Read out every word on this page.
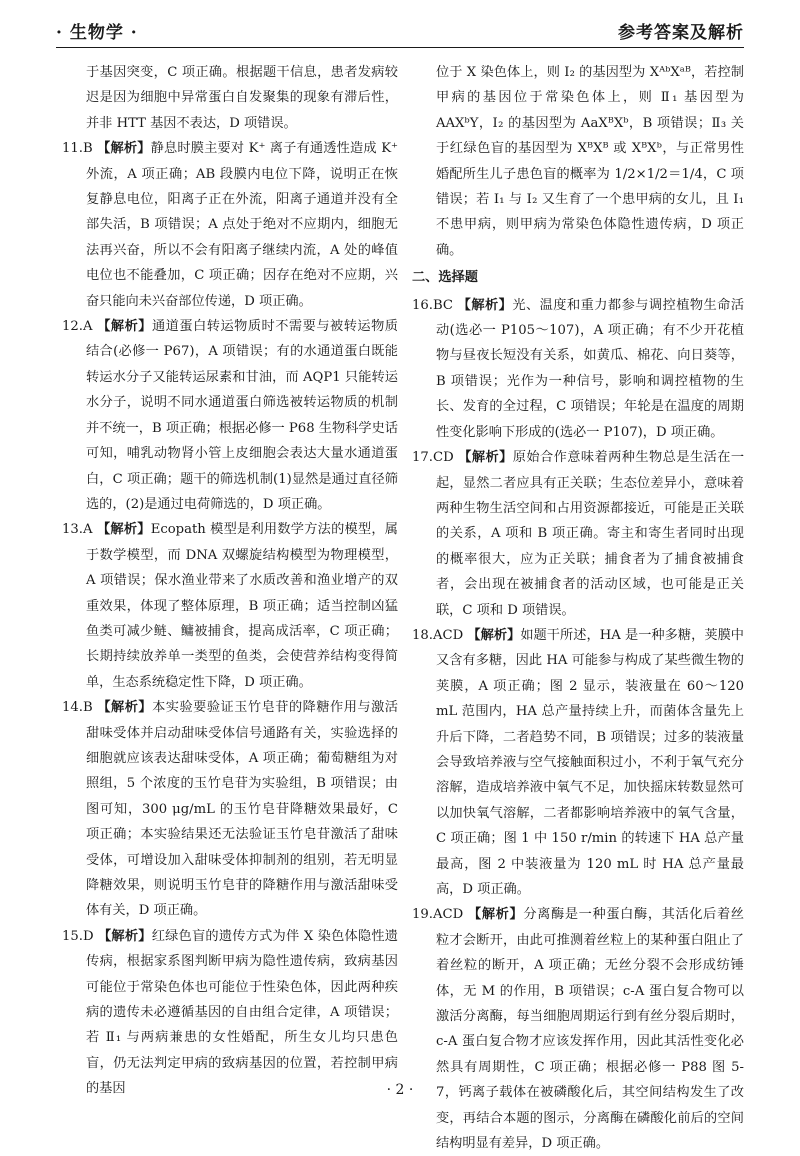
· 生物学 ·	参考答案及解析

于基因突变，C 项正确。根据题干信息，患者发病较迟是因为细胞中异常蛋白自发聚集的现象有滞后性，并非 HTT 基因不表达，D 项错误。

11.B 【解析】静息时膜主要对 K⁺ 离子有通透性造成 K⁺ 外流，A 项正确；AB 段膜内电位下降，说明正在恢复静息电位，阳离子正在外流，阳离子通道并没有全部失活，B 项错误；A 点处于绝对不应期内，细胞无法再兴奋，所以不会有阳离子继续内流，A 处的峰值电位也不能叠加，C 项正确；因存在绝对不应期，兴奋只能向未兴奋部位传递，D 项正确。

12.A 【解析】通道蛋白转运物质时不需要与被转运物质结合(必修一 P67)，A 项错误；有的水通道蛋白既能转运水分子又能转运尿素和甘油，而 AQP1 只能转运水分子，说明不同水通道蛋白筛选被转运物质的机制并不统一，B 项正确；根据必修一 P68 生物科学史话可知，哺乳动物肾小管上皮细胞会表达大量水通道蛋白，C 项正确；题干的筛选机制(1)显然是通过直径筛选的，(2)是通过电荷筛选的，D 项正确。

13.A 【解析】Ecopath 模型是利用数学方法的模型，属于数学模型，而 DNA 双螺旋结构模型为物理模型，A 项错误；保水渔业带来了水质改善和渔业增产的双重效果，体现了整体原理，B 项正确；适当控制凶猛鱼类可减少鲢、鳙被捕食，提高成活率，C 项正确；长期持续放养单一类型的鱼类，会使营养结构变得简单，生态系统稳定性下降，D 项正确。

14.B 【解析】本实验要验证玉竹皂苷的降糖作用与激活甜味受体并启动甜味受体信号通路有关，实验选择的细胞就应该表达甜味受体，A 项正确；葡萄糖组为对照组，5 个浓度的玉竹皂苷为实验组，B 项错误；由图可知，300 μg/mL 的玉竹皂苷降糖效果最好，C 项正确；本实验结果还无法验证玉竹皂苷激活了甜味受体，可增设加入甜味受体抑制剂的组别，若无明显降糖效果，则说明玉竹皂苷的降糖作用与激活甜味受体有关，D 项正确。

15.D 【解析】红绿色盲的遗传方式为伴 X 染色体隐性遗传病，根据家系图判断甲病为隐性遗传病，致病基因可能位于常染色体也可能位于性染色体，因此两种疾病的遗传未必遵循基因的自由组合定律，A 项错误；若 Ⅱ₁ 与两病兼患的女性婚配，所生女儿均只患色盲，仍无法判定甲病的致病基因的位置，若控制甲病的基因

位于 X 染色体上，则 Ⅰ₂ 的基因型为 XᴬᵇXᵃᴮ，若控制甲病的基因位于常染色体上，则 Ⅱ₁ 基因型为 AAXᵇY，Ⅰ₂ 的基因型为 AaXᴮXᵇ，B 项错误；Ⅱ₃ 关于红绿色盲的基因型为 XᴮXᴮ 或 XᴮXᵇ，与正常男性婚配所生儿子患色盲的概率为 1/2×1/2＝1/4，C 项错误；若 Ⅰ₁ 与 Ⅰ₂ 又生育了一个患甲病的女儿，且 Ⅰ₁ 不患甲病，则甲病为常染色体隐性遗传病，D 项正确。

二、选择题

16.BC 【解析】光、温度和重力都参与调控植物生命活动(选必一 P105～107)，A 项正确；有不少开花植物与昼夜长短没有关系，如黄瓜、棉花、向日葵等，B 项错误；光作为一种信号，影响和调控植物的生长、发育的全过程，C 项错误；年轮是在温度的周期性变化影响下形成的(选必一 P107)，D 项正确。

17.CD 【解析】原始合作意味着两种生物总是生活在一起，显然二者应具有正关联；生态位差异小，意味着两种生物生活空间和占用资源都接近，可能是正关联的关系，A 项和 B 项正确。寄主和寄生者同时出现的概率很大，应为正关联；捕食者为了捕食被捕食者，会出现在被捕食者的活动区域，也可能是正关联，C 项和 D 项错误。

18.ACD 【解析】如题干所述，HA 是一种多糖，荚膜中又含有多糖，因此 HA 可能参与构成了某些微生物的荚膜，A 项正确；图 2 显示，装液量在 60～120 mL 范围内，HA 总产量持续上升，而菌体含量先上升后下降，二者趋势不同，B 项错误；过多的装液量会导致培养液与空气接触面积过小，不利于氧气充分溶解，造成培养液中氧气不足，加快摇床转数显然可以加快氧气溶解，二者都影响培养液中的氧气含量，C 项正确；图 1 中 150 r/min 的转速下 HA 总产量最高，图 2 中装液量为 120 mL 时 HA 总产量最高，D 项正确。

19.ACD 【解析】分离酶是一种蛋白酶，其活化后着丝粒才会断开，由此可推测着丝粒上的某种蛋白阻止了着丝粒的断开，A 项正确；无丝分裂不会形成纺锤体，无 M 的作用，B 项错误；c-A 蛋白复合物可以激活分离酶，每当细胞周期运行到有丝分裂后期时，c-A 蛋白复合物才应该发挥作用，因此其活性变化必然具有周期性，C 项正确；根据必修一 P88 图 5-7，钙离子载体在被磷酸化后，其空间结构发生了改变，再结合本题的图示，分离酶在磷酸化前后的空间结构明显有差异，D 项正确。

· 2 ·
